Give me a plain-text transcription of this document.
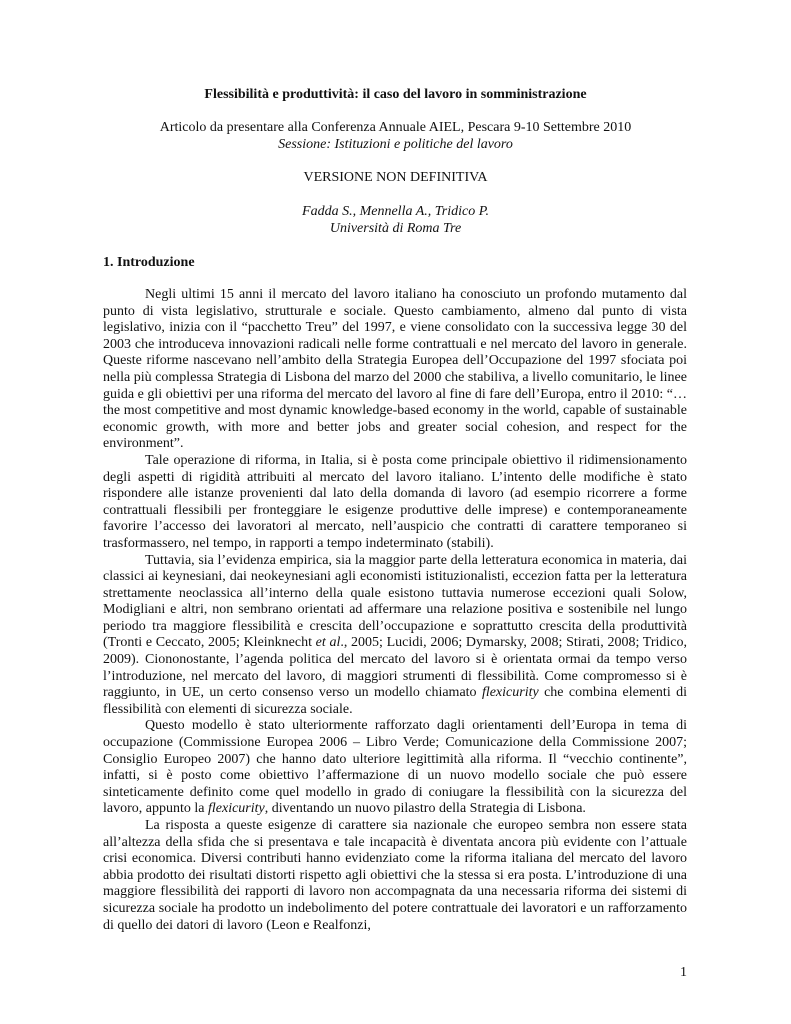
Flessibilità e produttività: il caso del lavoro in somministrazione
Articolo da presentare alla Conferenza Annuale AIEL, Pescara 9-10 Settembre 2010
Sessione: Istituzioni e politiche del lavoro
VERSIONE NON DEFINITIVA
Fadda S., Mennella A., Tridico P.
Università di Roma Tre
1. Introduzione

Negli ultimi 15 anni il mercato del lavoro italiano ha conosciuto un profondo mutamento dal punto di vista legislativo, strutturale e sociale. Questo cambiamento, almeno dal punto di vista legislativo, inizia con il “pacchetto Treu” del 1997, e viene consolidato con la successiva legge 30 del 2003 che introduceva innovazioni radicali nelle forme contrattuali e nel mercato del lavoro in generale. Queste riforme nascevano nell’ambito della Strategia Europea dell’Occupazione del 1997 sfociata poi nella più complessa Strategia di Lisbona del marzo del 2000 che stabiliva, a livello comunitario, le linee guida e gli obiettivi per una riforma del mercato del lavoro al fine di fare dell’Europa, entro il 2010: “… the most competitive and most dynamic knowledge-based economy in the world, capable of sustainable economic growth, with more and better jobs and greater social cohesion, and respect for the environment”.

Tale operazione di riforma, in Italia, si è posta come principale obiettivo il ridimensionamento degli aspetti di rigidità attribuiti al mercato del lavoro italiano. L’intento delle modifiche è stato rispondere alle istanze provenienti dal lato della domanda di lavoro (ad esempio ricorrere a forme contrattuali flessibili per fronteggiare le esigenze produttive delle imprese) e contemporaneamente favorire l’accesso dei lavoratori al mercato, nell’auspicio che contratti di carattere temporaneo si trasformassero, nel tempo, in rapporti a tempo indeterminato (stabili).

Tuttavia, sia l’evidenza empirica, sia la maggior parte della letteratura economica in materia, dai classici ai keynesiani, dai neokeynesiani agli economisti istituzionalisti, eccezion fatta per la letteratura strettamente neoclassica all’interno della quale esistono tuttavia numerose eccezioni quali Solow, Modigliani e altri, non sembrano orientati ad affermare una relazione positiva e sostenibile nel lungo periodo tra maggiore flessibilità e crescita dell’occupazione e soprattutto crescita della produttività (Tronti e Ceccato, 2005; Kleinknecht et al., 2005; Lucidi, 2006; Dymarsky, 2008; Stirati, 2008; Tridico, 2009). Ciononostante, l’agenda politica del mercato del lavoro si è orientata ormai da tempo verso l’introduzione, nel mercato del lavoro, di maggiori strumenti di flessibilità. Come compromesso si è raggiunto, in UE, un certo consenso verso un modello chiamato flexicurity che combina elementi di flessibilità con elementi di sicurezza sociale.

Questo modello è stato ulteriormente rafforzato dagli orientamenti dell’Europa in tema di occupazione (Commissione Europea 2006 – Libro Verde; Comunicazione della Commissione 2007; Consiglio Europeo 2007) che hanno dato ulteriore legittimità alla riforma. Il “vecchio continente”, infatti, si è posto come obiettivo l’affermazione di un nuovo modello sociale che può essere sinteticamente definito come quel modello in grado di coniugare la flessibilità con la sicurezza del lavoro, appunto la flexicurity, diventando un nuovo pilastro della Strategia di Lisbona.

La risposta a queste esigenze di carattere sia nazionale che europeo sembra non essere stata all’altezza della sfida che si presentava e tale incapacità è diventata ancora più evidente con l’attuale crisi economica. Diversi contributi hanno evidenziato come la riforma italiana del mercato del lavoro abbia prodotto dei risultati distorti rispetto agli obiettivi che la stessa si era posta. L’introduzione di una maggiore flessibilità dei rapporti di lavoro non accompagnata da una necessaria riforma dei sistemi di sicurezza sociale ha prodotto un indebolimento del potere contrattuale dei lavoratori e un rafforzamento di quello dei datori di lavoro (Leon e Realfonzi,

1
